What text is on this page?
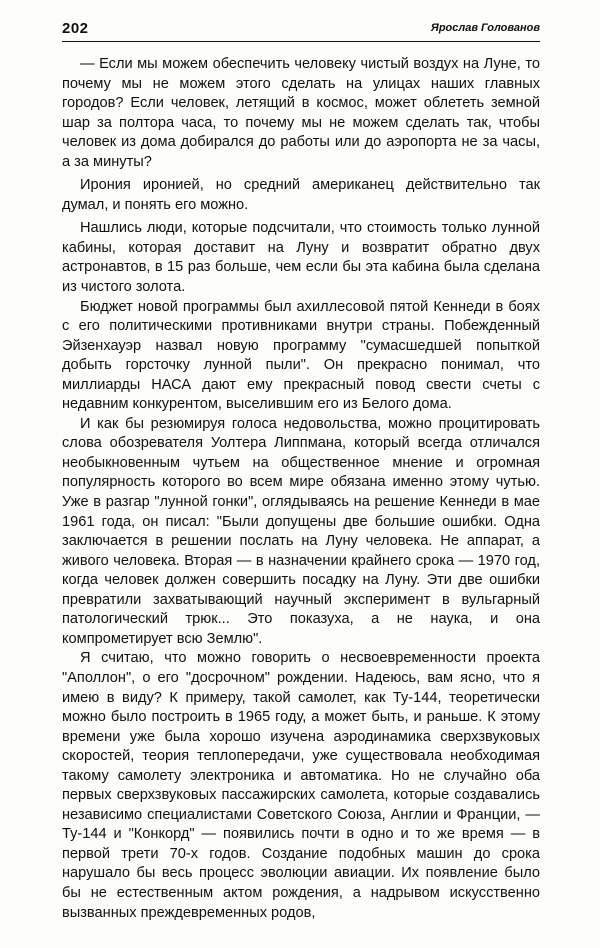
202	Ярослав Голованов

— Если мы можем обеспечить человеку чистый воздух на Луне, то почему мы не можем этого сделать на улицах наших главных городов? Если человек, летящий в космос, может облететь земной шар за полтора часа, то почему мы не можем сделать так, чтобы человек из дома добирался до работы или до аэропорта не за часы, а за минуты?

Ирония иронией, но средний американец действительно так думал, и понять его можно.

Нашлись люди, которые подсчитали, что стоимость только лунной кабины, которая доставит на Луну и возвратит обратно двух астронавтов, в 15 раз больше, чем если бы эта кабина была сделана из чистого золота.

Бюджет новой программы был ахиллесовой пятой Кеннеди в боях с его политическими противниками внутри страны. Побежденный Эйзенхауэр назвал новую программу "сумасшедшей попыткой добыть горсточку лунной пыли". Он прекрасно понимал, что миллиарды НАСА дают ему прекрасный повод свести счеты с недавним конкурентом, выселившим его из Белого дома.

И как бы резюмируя голоса недовольства, можно процитировать слова обозревателя Уолтера Липпмана, который всегда отличался необыкновенным чутьем на общественное мнение и огромная популярность которого во всем мире обязана именно этому чутью. Уже в разгар "лунной гонки", оглядываясь на решение Кеннеди в мае 1961 года, он писал: "Были допущены две большие ошибки. Одна заключается в решении послать на Луну человека. Не аппарат, а живого человека. Вторая — в назначении крайнего срока — 1970 год, когда человек должен совершить посадку на Луну. Эти две ошибки превратили захватывающий научный эксперимент в вульгарный патологический трюк... Это показуха, а не наука, и она компрометирует всю Землю".

Я считаю, что можно говорить о несвоевременности проекта "Аполлон", о его "досрочном" рождении. Надеюсь, вам ясно, что я имею в виду? К примеру, такой самолет, как Ту-144, теоретически можно было построить в 1965 году, а может быть, и раньше. К этому времени уже была хорошо изучена аэродинамика сверхзвуковых скоростей, теория теплопередачи, уже существовала необходимая такому самолету электроника и автоматика. Но не случайно оба первых сверхзвуковых пассажирских самолета, которые создавались независимо специалистами Советского Союза, Англии и Франции, — Ту-144 и "Конкорд" — появились почти в одно и то же время — в первой трети 70-х годов. Создание подобных машин до срока нарушало бы весь процесс эволюции авиации. Их появление было бы не естественным актом рождения, а надрывом искусственно вызванных преждевременных родов,
